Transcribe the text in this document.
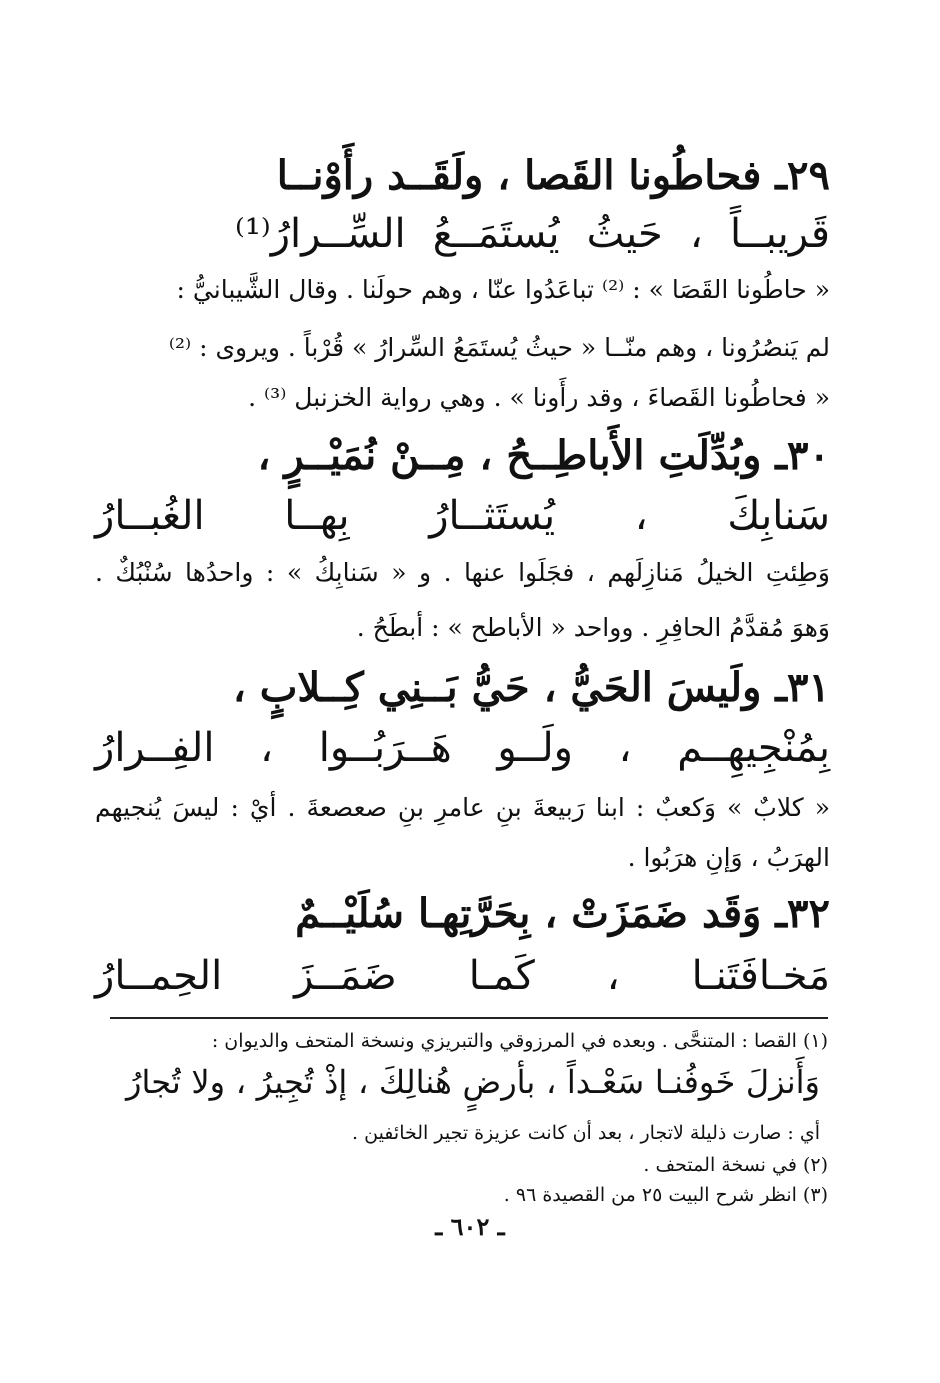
٢٩ـ فحاطُونا القَصا ، ولَقَــد رأَوْنــا
قَريبــاً ، حَيثُ يُستَمَــعُ السِّــرارُ⁽¹⁾
« حاطُونا القَصَا » : ⁽²⁾ تباعَدُوا عنّا ، وهم حولَنا . وقال الشَّيبانيُّ :
لم يَنصُرُونا ، وهم منّــا « حيثُ يُستَمَعُ السِّرارُ » قُرْباً . ويروى : ⁽²⁾
« فحاطُونا القَصاءَ ، وقد رأَونا » . وهي رواية الخزنبل ⁽³⁾ .
٣٠ـ وبُدِّلَتِ الأَباطِــحُ ، مِــنْ نُمَيْــرٍ ،
سَنابِكَ ، يُستَثــارُ بِهــا الغُبــارُ
وَطِئتِ الخيلُ مَنازِلَهم ، فجَلَوا عنها . و « سَنابِكُ » : واحدُها سُنْبُكٌ .
وَهوَ مُقدَّمُ الحافِرِ . وواحد « الأباطح » : أبطَحُ .
٣١ـ ولَيسَ الحَيُّ ، حَيُّ بَــنِي كِــلابٍ ،
بِمُنْجِيهِــم ، ولَــو هَــرَبُــوا ، الفِــرارُ
« كلابٌ » وَكعبٌ : ابنا رَبيعةَ بنِ عامرِ بنِ صعصعةَ . أيْ : ليسَ يُنجيهم
الهرَبُ ، وَإنِ هرَبُوا .
٣٢ـ وَقَد ضَمَزَتْ ، بِحَرَّتِهـا سُلَيْــمٌ
مَخـافَتَنـا ، كَمـا ضَمَــزَ الحِمــارُ
(١) القصا : المتنحَّى . وبعده في المرزوقي والتبريزي ونسخة المتحف والديوان :
وَأَنزلَ خَوفُنـا سَعْـداً ، بأرضٍ هُنالِكَ ، إذْ تُجِيرُ ، ولا تُجارُ
أي : صارت ذليلة لاتجار ، بعد أن كانت عزيزة تجير الخائفين .
(٢) في نسخة المتحف .
(٣) انظر شرح البيت ٢٥ من القصيدة ٩٦ .
ـ ٦٠٢ ـ
